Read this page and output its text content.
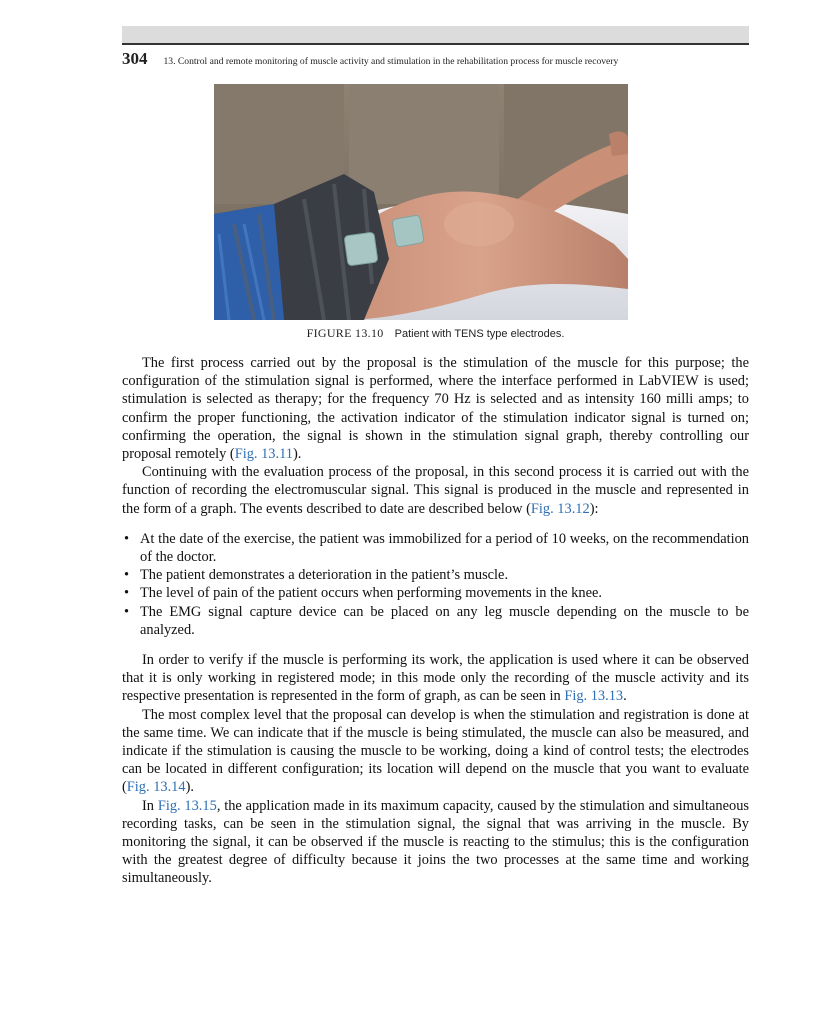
304 13. Control and remote monitoring of muscle activity and stimulation in the rehabilitation process for muscle recovery
FIGURE 13.10 Patient with TENS type electrodes.

The first process carried out by the proposal is the stimulation of the muscle for this purpose; the configuration of the stimulation signal is performed, where the interface performed in LabVIEW is used; stimulation is selected as therapy; for the frequency 70 Hz is selected and as intensity 160 milli amps; to confirm the proper functioning, the activation indicator of the stimulation indicator signal is turned on; confirming the operation, the signal is shown in the stimulation signal graph, thereby controlling our proposal remotely (Fig. 13.11).

Continuing with the evaluation process of the proposal, in this second process it is carried out with the function of recording the electromuscular signal. This signal is produced in the muscle and represented in the form of a graph. The events described to date are described below (Fig. 13.12):

• At the date of the exercise, the patient was immobilized for a period of 10 weeks, on the recommendation of the doctor.
• The patient demonstrates a deterioration in the patient’s muscle.
• The level of pain of the patient occurs when performing movements in the knee.
• The EMG signal capture device can be placed on any leg muscle depending on the muscle to be analyzed.

In order to verify if the muscle is performing its work, the application is used where it can be observed that it is only working in registered mode; in this mode only the recording of the muscle activity and its respective presentation is represented in the form of graph, as can be seen in Fig. 13.13.

The most complex level that the proposal can develop is when the stimulation and registration is done at the same time. We can indicate that if the muscle is being stimulated, the muscle can also be measured, and indicate if the stimulation is causing the muscle to be working, doing a kind of control tests; the electrodes can be located in different configuration; its location will depend on the muscle that you want to evaluate (Fig. 13.14).

In Fig. 13.15, the application made in its maximum capacity, caused by the stimulation and simultaneous recording tasks, can be seen in the stimulation signal, the signal that was arriving in the muscle. By monitoring the signal, it can be observed if the muscle is reacting to the stimulus; this is the configuration with the greatest degree of difficulty because it joins the two processes at the same time and working simultaneously.
